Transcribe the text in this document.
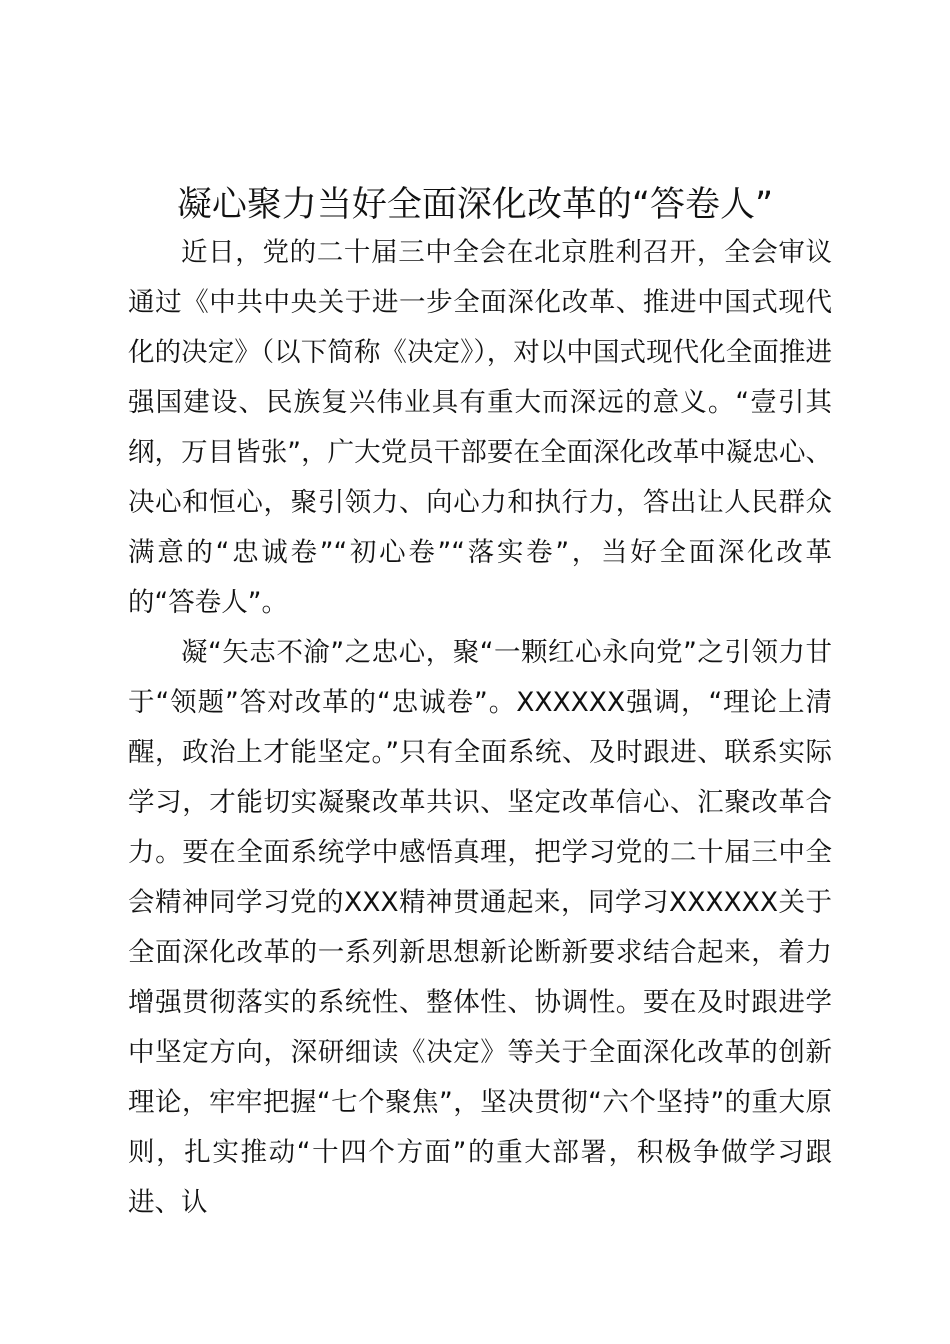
凝心聚力当好全面深化改革的“答卷人”

近日，党的二十届三中全会在北京胜利召开，全会审议通过《中共中央关于进一步全面深化改革、推进中国式现代化的决定》（以下简称《决定》），对以中国式现代化全面推进强国建设、民族复兴伟业具有重大而深远的意义。“壹引其纲，万目皆张”，广大党员干部要在全面深化改革中凝忠心、决心和恒心，聚引领力、向心力和执行力，答出让人民群众满意的“忠诚卷”“初心卷”“落实卷”，当好全面深化改革的“答卷人”。

凝“矢志不渝”之忠心，聚“一颗红心永向党”之引领力甘于“领题”答对改革的“忠诚卷”。XXXXXX强调，“理论上清醒，政治上才能坚定。”只有全面系统、及时跟进、联系实际学习，才能切实凝聚改革共识、坚定改革信心、汇聚改革合力。要在全面系统学中感悟真理，把学习党的二十届三中全会精神同学习党的XXX精神贯通起来，同学习XXXXXX关于全面深化改革的一系列新思想新论断新要求结合起来，着力增强贯彻落实的系统性、整体性、协调性。要在及时跟进学中坚定方向，深研细读《决定》等关于全面深化改革的创新理论，牢牢把握“七个聚焦”，坚决贯彻“六个坚持”的重大原则，扎实推动“十四个方面”的重大部署，积极争做学习跟进、认
